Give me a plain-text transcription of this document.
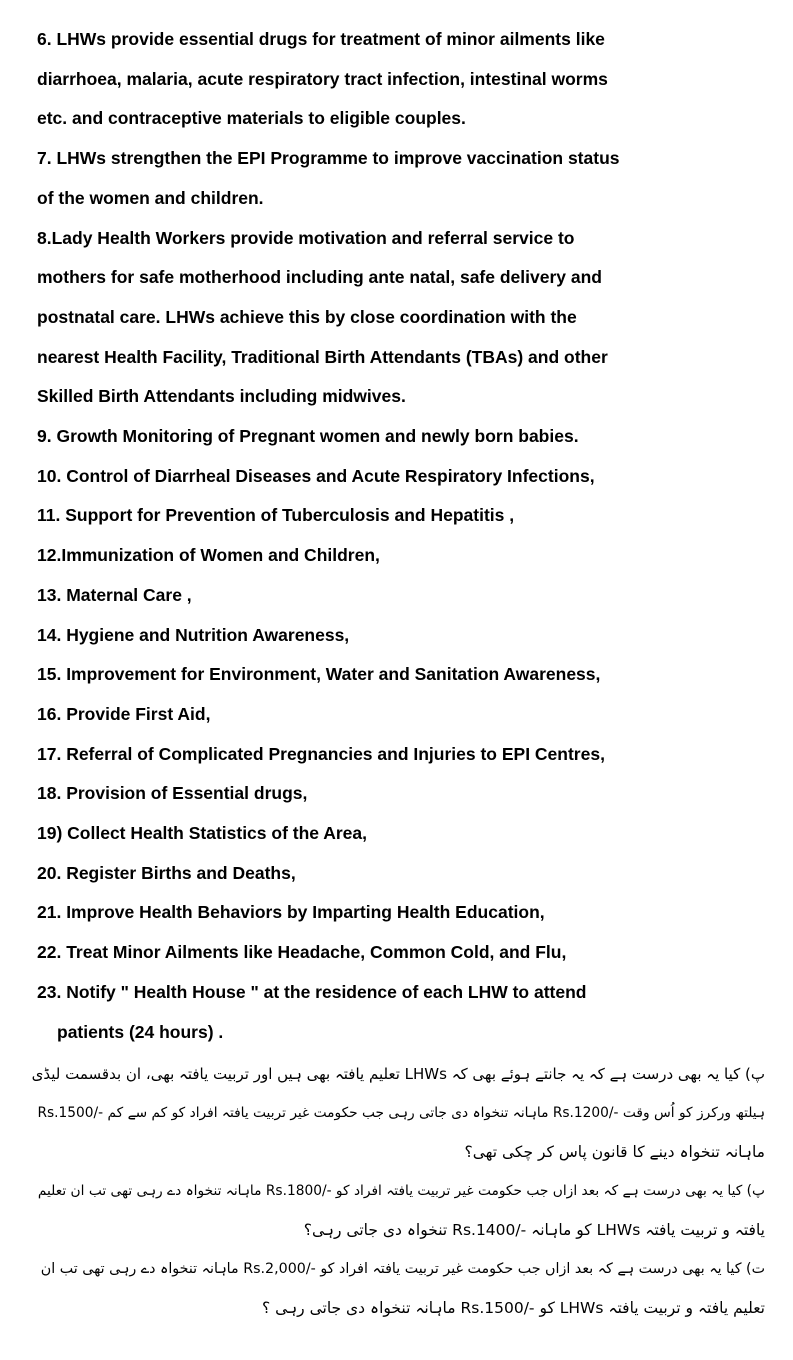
6. LHWs provide essential drugs for treatment of minor ailments like

diarrhoea, malaria, acute respiratory tract infection, intestinal worms

etc. and contraceptive materials to eligible couples.

7. LHWs strengthen the EPI Programme to improve vaccination status

of the women and children.

8.Lady Health Workers provide motivation and referral service to

mothers for safe motherhood including ante natal, safe delivery and

postnatal care. LHWs achieve this by close coordination with the

nearest Health Facility, Traditional Birth Attendants (TBAs) and other

Skilled Birth Attendants including midwives.

9. Growth Monitoring of Pregnant women and newly born babies.

10. Control of Diarrheal Diseases and Acute Respiratory Infections,

11. Support for Prevention of Tuberculosis and Hepatitis ,

12.Immunization of Women and Children,

13. Maternal Care ,

14. Hygiene and Nutrition Awareness,

15. Improvement for Environment, Water and Sanitation Awareness,

16. Provide First Aid,

17. Referral of Complicated Pregnancies and Injuries to EPI Centres,

18. Provision of Essential drugs,

19) Collect Health Statistics of the Area,

20. Register Births and Deaths,

21. Improve Health Behaviors by Imparting Health Education,

22. Treat Minor Ailments like Headache, Common Cold, and Flu,

23. Notify " Health House " at the residence of each LHW to attend

patients (24 hours) .

پ) کیا یہ بھی درست ہے کہ یہ جانتے ہوئے بھی کہ LHWs تعلیم یافتہ بھی ہیں اور تربیت یافتہ بھی، ان بدقسمت لیڈی

ہیلتھ ورکرز کو اُس وقت -/Rs.1200 ماہانہ تنخواہ دی جاتی رہی جب حکومت غیر تربیت یافتہ افراد کو کم سے کم -/Rs.1500

ماہانہ تنخواہ دینے کا قانون پاس کر چکی تھی؟

پ) کیا یہ بھی درست ہے کہ بعد ازاں جب حکومت غیر تربیت یافتہ افراد کو -/Rs.1800 ماہانہ تنخواہ دے رہی تھی تب ان تعلیم

یافتہ و تربیت یافتہ LHWs کو ماہانہ -/Rs.1400 تنخواہ دی جاتی رہی؟

ت) کیا یہ بھی درست ہے کہ بعد ازاں جب حکومت غیر تربیت یافتہ افراد کو -/Rs.2,000 ماہانہ تنخواہ دے رہی تھی تب ان

تعلیم یافتہ و تربیت یافتہ LHWs کو -/Rs.1500 ماہانہ تنخواہ دی جاتی رہی ؟
